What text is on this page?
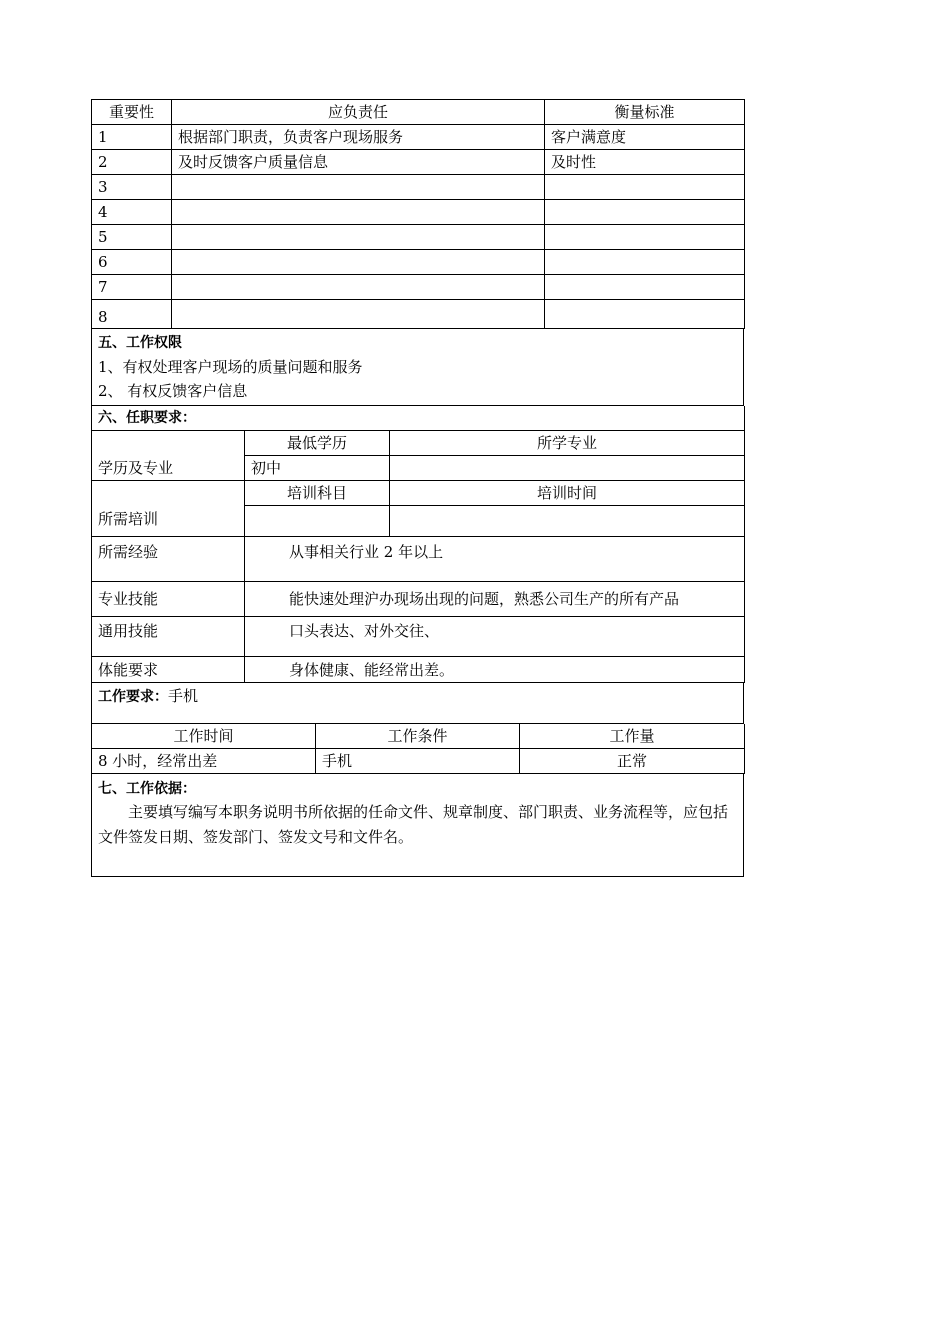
重要性	应负责任	衡量标准
1	根据部门职责，负责客户现场服务	客户满意度
2	及时反馈客户质量信息	及时性
3		
4		
5		
6		
7		
8		
五、工作权限
1、有权处理客户现场的质量问题和服务
2、 有权反馈客户信息
六、任职要求：		
学历及专业	最低学历	所学专业
	初中	
所需培训	培训科目	培训时间

所需经验	从事相关行业 2 年以上	
专业技能	能快速处理沪办现场出现的问题，熟悉公司生产的所有产品	
通用技能	口头表达、对外交往、	
体能要求	身体健康、能经常出差。	
工作要求：手机
工作时间	工作条件	工作量
8 小时，经常出差	手机	正常
七、工作依据：
主要填写编写本职务说明书所依据的任命文件、规章制度、部门职责、业务流程等，应包括文件签发日期、签发部门、签发文号和文件名。
